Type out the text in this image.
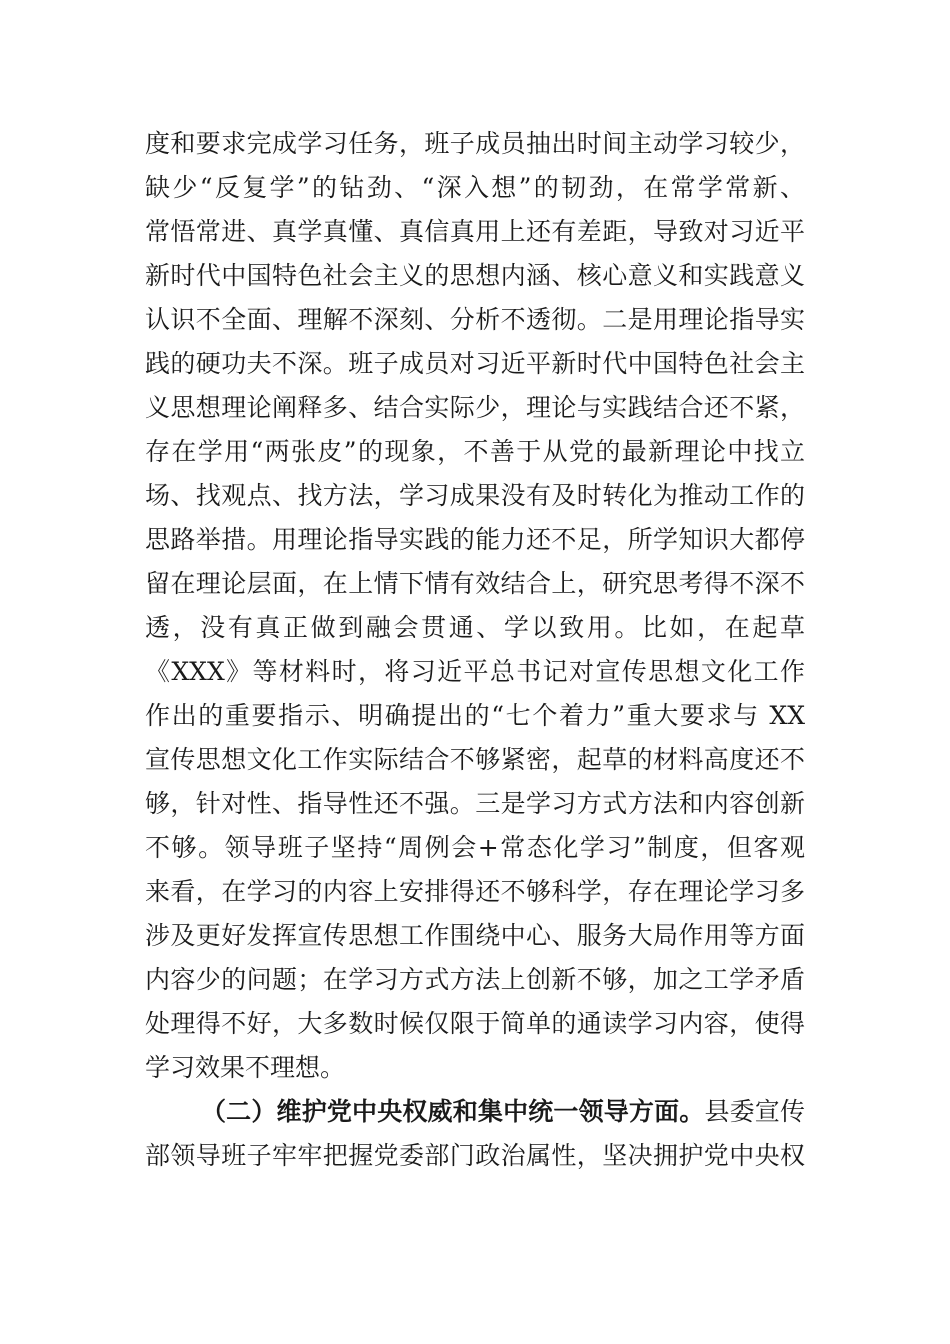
度和要求完成学习任务，班子成员抽出时间主动学习较少，
缺少“反复学”的钻劲、“深入想”的韧劲，在常学常新、
常悟常进、真学真懂、真信真用上还有差距，导致对习近平
新时代中国特色社会主义的思想内涵、核心意义和实践意义
认识不全面、理解不深刻、分析不透彻。二是用理论指导实
践的硬功夫不深。班子成员对习近平新时代中国特色社会主
义思想理论阐释多、结合实际少，理论与实践结合还不紧，
存在学用“两张皮”的现象，不善于从党的最新理论中找立
场、找观点、找方法，学习成果没有及时转化为推动工作的
思路举措。用理论指导实践的能力还不足，所学知识大都停
留在理论层面，在上情下情有效结合上，研究思考得不深不
透，没有真正做到融会贯通、学以致用。比如，在起草
《XXX》等材料时，将习近平总书记对宣传思想文化工作
作出的重要指示、明确提出的“七个着力”重大要求与 XX
宣传思想文化工作实际结合不够紧密，起草的材料高度还不
够，针对性、指导性还不强。三是学习方式方法和内容创新
不够。领导班子坚持“周例会+常态化学习”制度，但客观
来看，在学习的内容上安排得还不够科学，存在理论学习多
涉及更好发挥宣传思想工作围绕中心、服务大局作用等方面
内容少的问题；在学习方式方法上创新不够，加之工学矛盾
处理得不好，大多数时候仅限于简单的通读学习内容，使得
学习效果不理想。
（二）维护党中央权威和集中统一领导方面。县委宣传
部领导班子牢牢把握党委部门政治属性，坚决拥护党中央权
